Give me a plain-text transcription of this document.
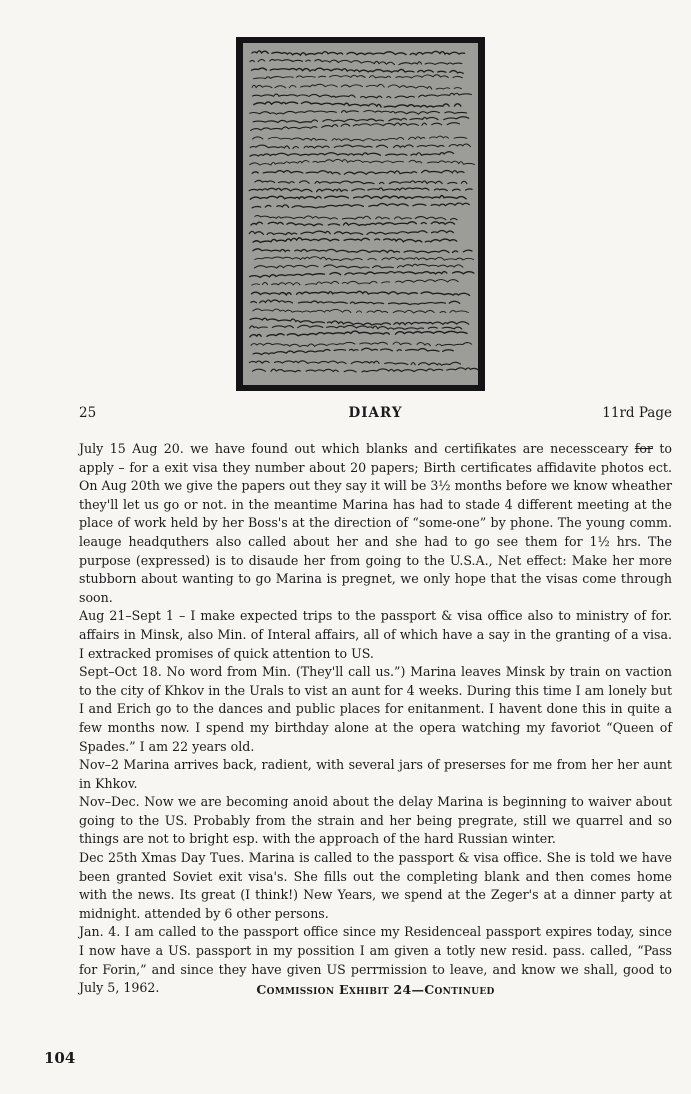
25	DIARY	11rd Page

July 15 Aug 20. we have found out which blanks and certifikates are necessceary for to apply – for a exit visa they number about 20 papers; Birth certificates affidavite photos ect. On Aug 20th we give the papers out they say it will be 3½ months before we know wheather they'll let us go or not. in the meantime Marina has had to stade 4 different meeting at the place of work held by her Boss's at the direction of “some-one” by phone. The young comm. leauge headquthers also called about her and she had to go see them for 1½ hrs. The purpose (expressed) is to disaude her from going to the U.S.A., Net effect: Make her more stubborn about wanting to go Marina is pregnet, we only hope that the visas come through soon.

Aug 21–Sept 1 – I make expected trips to the passport & visa office also to ministry of for. affairs in Minsk, also Min. of Interal affairs, all of which have a say in the granting of a visa. I extracked promises of quick attention to US.

Sept–Oct 18. No word from Min. (They'll call us.”) Marina leaves Minsk by train on vaction to the city of Khkov in the Urals to vist an aunt for 4 weeks. During this time I am lonely but I and Erich go to the dances and public places for enitanment. I havent done this in quite a few months now. I spend my birthday alone at the opera watching my favoriot “Queen of Spades.” I am 22 years old.

Nov–2 Marina arrives back, radient, with several jars of preserses for me from her her aunt in Khkov.

Nov–Dec. Now we are becoming anoid about the delay Marina is beginning to waiver about going to the US. Probably from the strain and her being pregrate, still we quarrel and so things are not to bright esp. with the approach of the hard Russian winter.

Dec 25th Xmas Day Tues. Marina is called to the passport & visa office. She is told we have been granted Soviet exit visa's. She fills out the completing blank and then comes home with the news. Its great (I think!) New Years, we spend at the Zeger's at a dinner party at midnight. attended by 6 other persons.

Jan. 4. I am called to the passport office since my Residenceal passport expires today, since I now have a US. passport in my possition I am given a totly new resid. pass. called, “Pass for Forin,” and since they have given US perrmission to leave, and know we shall, good to July 5, 1962.	Commission Exhibit 24—Continued
104
